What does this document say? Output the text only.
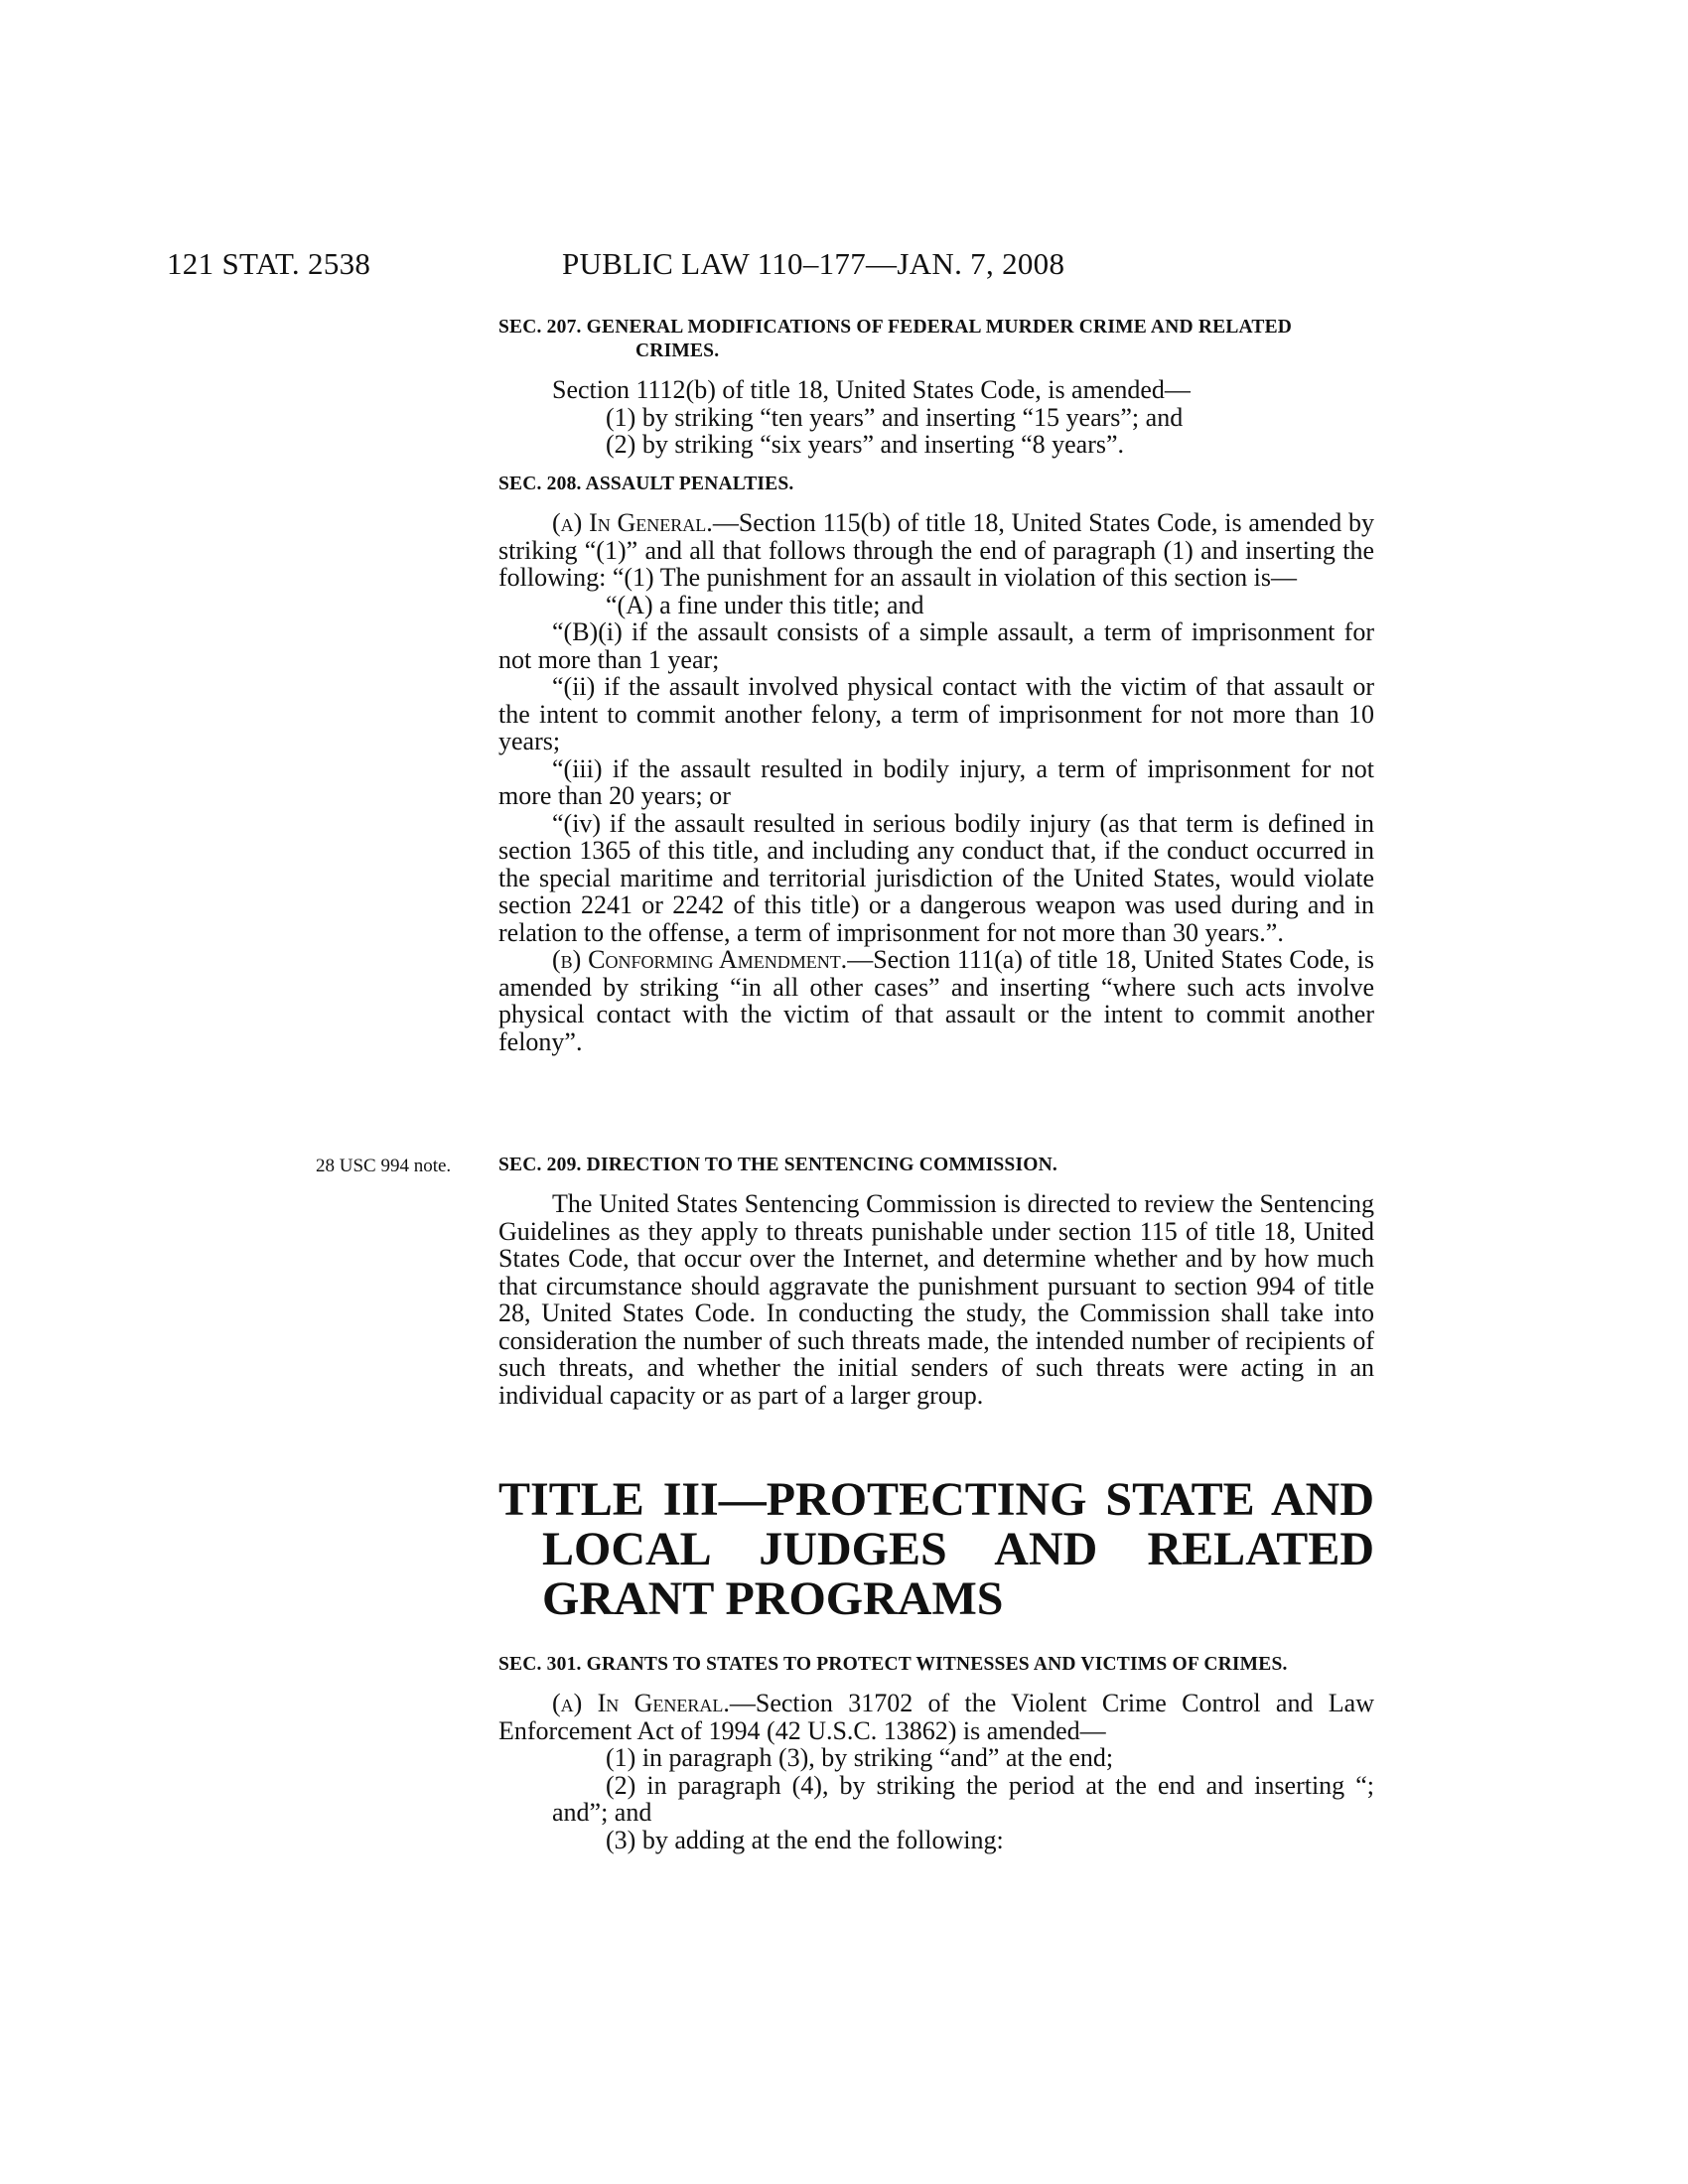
121 STAT. 2538	PUBLIC LAW 110–177—JAN. 7, 2008

SEC. 207. GENERAL MODIFICATIONS OF FEDERAL MURDER CRIME AND RELATED CRIMES.

Section 1112(b) of title 18, United States Code, is amended—

(1) by striking “ten years” and inserting “15 years”; and

(2) by striking “six years” and inserting “8 years”.

SEC. 208. ASSAULT PENALTIES.

(a) In General.—Section 115(b) of title 18, United States Code, is amended by striking “(1)” and all that follows through the end of paragraph (1) and inserting the following: “(1) The punishment for an assault in violation of this section is—

“(A) a fine under this title; and

“(B)(i) if the assault consists of a simple assault, a term of imprisonment for not more than 1 year;

“(ii) if the assault involved physical contact with the victim of that assault or the intent to commit another felony, a term of imprisonment for not more than 10 years;

“(iii) if the assault resulted in bodily injury, a term of imprisonment for not more than 20 years; or

“(iv) if the assault resulted in serious bodily injury (as that term is defined in section 1365 of this title, and including any conduct that, if the conduct occurred in the special maritime and territorial jurisdiction of the United States, would violate section 2241 or 2242 of this title) or a dangerous weapon was used during and in relation to the offense, a term of imprisonment for not more than 30 years.”.

(b) Conforming Amendment.—Section 111(a) of title 18, United States Code, is amended by striking “in all other cases” and inserting “where such acts involve physical contact with the victim of that assault or the intent to commit another felony”.

28 USC 994 note. SEC. 209. DIRECTION TO THE SENTENCING COMMISSION.

The United States Sentencing Commission is directed to review the Sentencing Guidelines as they apply to threats punishable under section 115 of title 18, United States Code, that occur over the Internet, and determine whether and by how much that circumstance should aggravate the punishment pursuant to section 994 of title 28, United States Code. In conducting the study, the Commission shall take into consideration the number of such threats made, the intended number of recipients of such threats, and whether the initial senders of such threats were acting in an individual capacity or as part of a larger group.

TITLE III—PROTECTING STATE AND LOCAL JUDGES AND RELATED GRANT PROGRAMS

SEC. 301. GRANTS TO STATES TO PROTECT WITNESSES AND VICTIMS OF CRIMES.

(a) In General.—Section 31702 of the Violent Crime Control and Law Enforcement Act of 1994 (42 U.S.C. 13862) is amended—

(1) in paragraph (3), by striking “and” at the end;

(2) in paragraph (4), by striking the period at the end and inserting “; and”; and

(3) by adding at the end the following:
